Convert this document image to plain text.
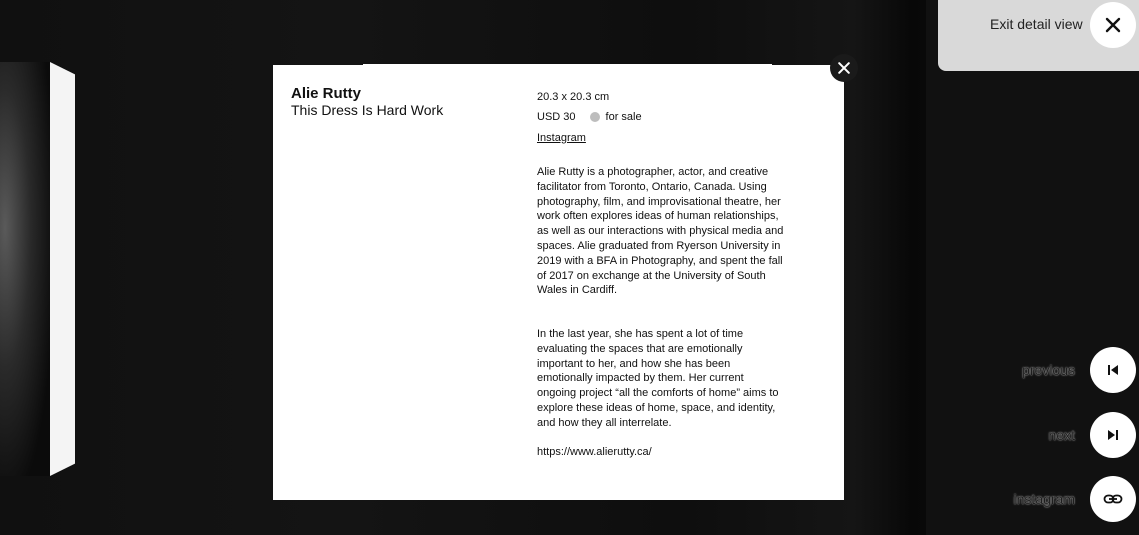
Exit detail view
previous
next
instagram
Alie Rutty
This Dress Is Hard Work
20.3 x 20.3 cm
USD 30	for sale
Instagram
Alie Rutty is a photographer, actor, and creative facilitator from Toronto, Ontario, Canada. Using photography, film, and improvisational theatre, her work often explores ideas of human relationships, as well as our interactions with physical media and spaces. Alie graduated from Ryerson University in 2019 with a BFA in Photography, and spent the fall of 2017 on exchange at the University of South Wales in Cardiff.
In the last year, she has spent a lot of time evaluating the spaces that are emotionally important to her, and how she has been emotionally impacted by them. Her current ongoing project “all the comforts of home” aims to explore these ideas of home, space, and identity, and how they all interrelate.
https://www.alierutty.ca/
